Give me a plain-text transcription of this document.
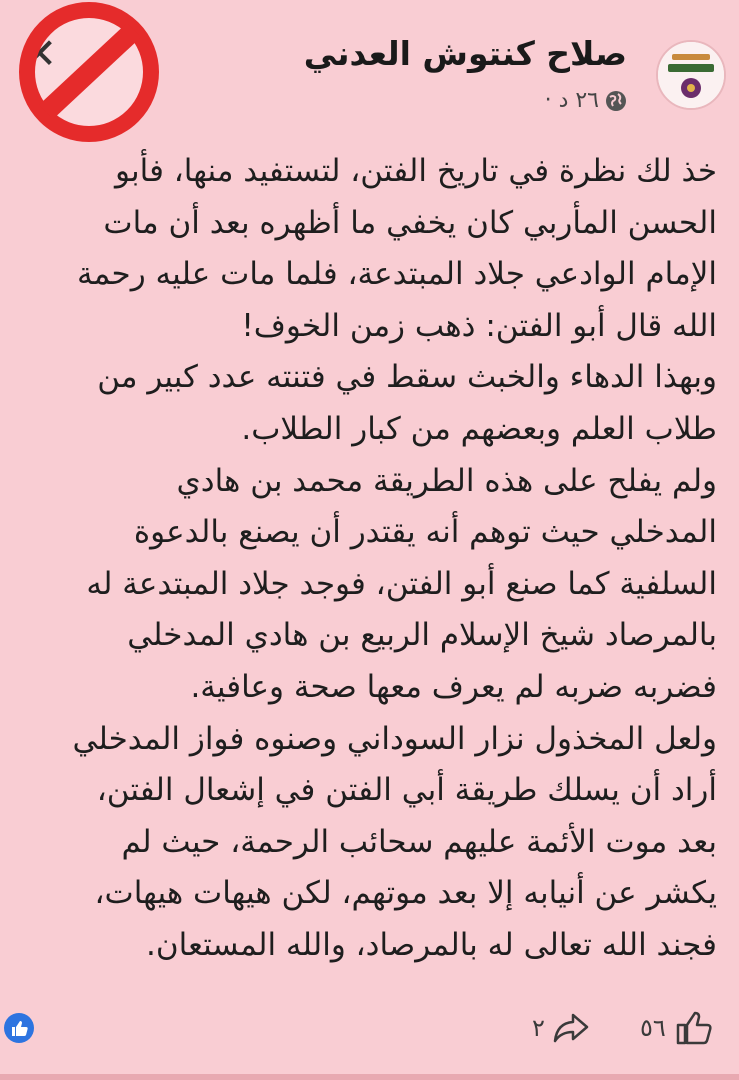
✕	صلاح كنتوش العدني
٢٦ د ·
خذ لك نظرة في تاريخ الفتن، لتستفيد منها، فأبو
الحسن المأربي كان يخفي ما أظهره بعد أن مات
الإمام الوادعي جلاد المبتدعة، فلما مات عليه رحمة
الله قال أبو الفتن: ذهب زمن الخوف!
وبهذا الدهاء والخبث سقط في فتنته عدد كبير من
طلاب العلم وبعضهم من كبار الطلاب.
ولم يفلح على هذه الطريقة محمد بن هادي
المدخلي حيث توهم أنه يقتدر أن يصنع بالدعوة
السلفية كما صنع أبو الفتن، فوجد جلاد المبتدعة له
بالمرصاد شيخ الإسلام الربيع بن هادي المدخلي
فضربه ضربه لم يعرف معها صحة وعافية.
ولعل المخذول نزار السوداني وصنوه فواز المدخلي
أراد أن يسلك طريقة أبي الفتن في إشعال الفتن،
بعد موت الأئمة عليهم سحائب الرحمة، حيث لم
يكشر عن أنيابه إلا بعد موتهم، لكن هيهات هيهات،
فجند الله تعالى له بالمرصاد، والله المستعان.
٢	٥٦
